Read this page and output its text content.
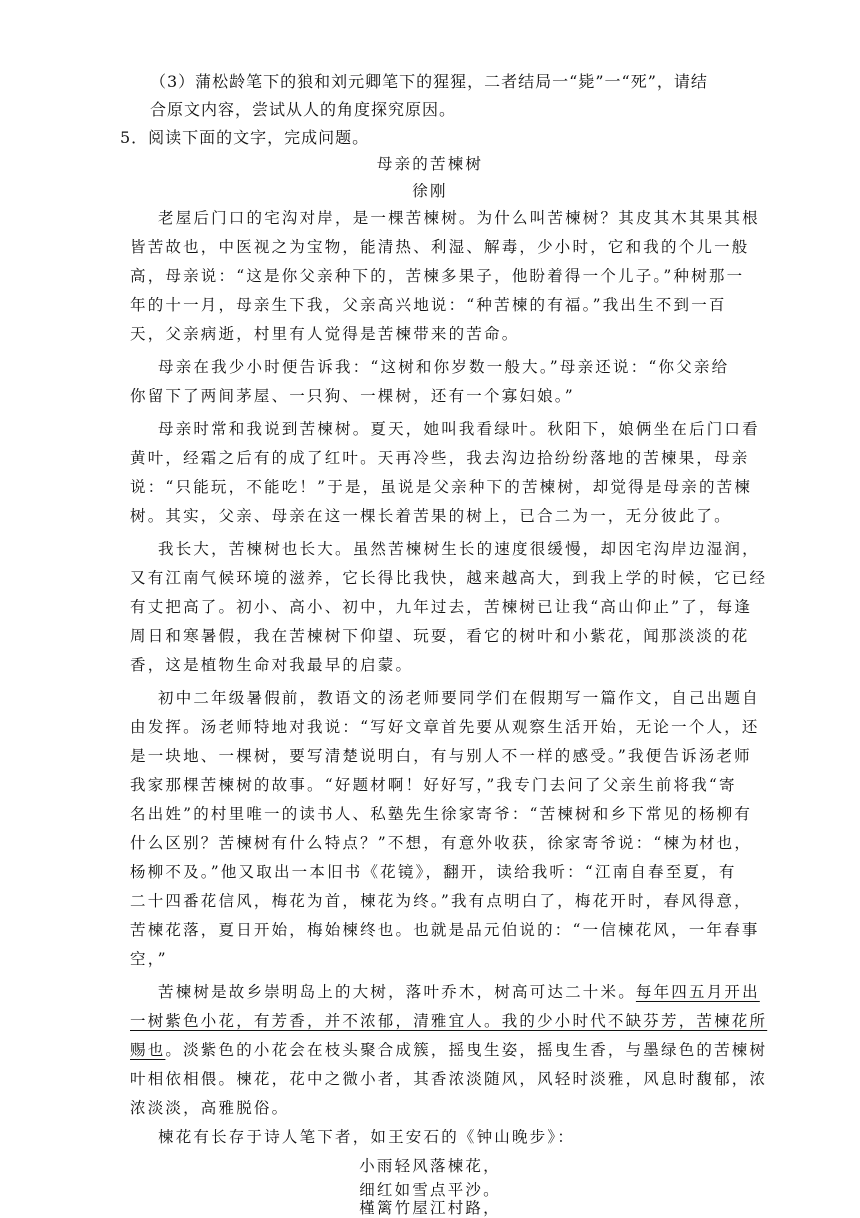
（3）蒲松龄笔下的狼和刘元卿笔下的猩猩，二者结局一“毙”一“死”，请结
合原文内容，尝试从人的角度探究原因。
5．阅读下面的文字，完成问题。
母亲的苦楝树
徐刚
老屋后门口的宅沟对岸，是一棵苦楝树。为什么叫苦楝树？其皮其木其果其根
皆苦故也，中医视之为宝物，能清热、利湿、解毒，少小时，它和我的个儿一般
高，母亲说：“这是你父亲种下的，苦楝多果子，他盼着得一个儿子。”种树那一
年的十一月，母亲生下我，父亲高兴地说：“种苦楝的有福。”我出生不到一百
天，父亲病逝，村里有人觉得是苦楝带来的苦命。
母亲在我少小时便告诉我：“这树和你岁数一般大。”母亲还说：“你父亲给
你留下了两间茅屋、一只狗、一棵树，还有一个寡妇娘。”
母亲时常和我说到苦楝树。夏天，她叫我看绿叶。秋阳下，娘俩坐在后门口看
黄叶，经霜之后有的成了红叶。天再冷些，我去沟边拾纷纷落地的苦楝果，母亲
说：“只能玩，不能吃！”于是，虽说是父亲种下的苦楝树，却觉得是母亲的苦楝
树。其实，父亲、母亲在这一棵长着苦果的树上，已合二为一，无分彼此了。
我长大，苦楝树也长大。虽然苦楝树生长的速度很缓慢，却因宅沟岸边湿润，
又有江南气候环境的滋养，它长得比我快，越来越高大，到我上学的时候，它已经
有丈把高了。初小、高小、初中，九年过去，苦楝树已让我“高山仰止”了，每逢
周日和寒暑假，我在苦楝树下仰望、玩耍，看它的树叶和小紫花，闻那淡淡的花
香，这是植物生命对我最早的启蒙。
初中二年级暑假前，教语文的汤老师要同学们在假期写一篇作文，自己出题自
由发挥。汤老师特地对我说：“写好文章首先要从观察生活开始，无论一个人，还
是一块地、一棵树，要写清楚说明白，有与别人不一样的感受。”我便告诉汤老师
我家那棵苦楝树的故事。“好题材啊！好好写，”我专门去问了父亲生前将我“寄
名出姓”的村里唯一的读书人、私塾先生徐家寄爷：“苦楝树和乡下常见的杨柳有
什么区别？苦楝树有什么特点？”不想，有意外收获，徐家寄爷说：“楝为材也，
杨柳不及。”他又取出一本旧书《花镜》，翻开，读给我听：“江南自春至夏，有
二十四番花信风，梅花为首，楝花为终。”我有点明白了，梅花开时，春风得意，
苦楝花落，夏日开始，梅始楝终也。也就是品元伯说的：“一信楝花风，一年春事
空，”
苦楝树是故乡崇明岛上的大树，落叶乔木，树高可达二十米。每年四五月开出
一树紫色小花，有芳香，并不浓郁，清雅宜人。我的少小时代不缺芬芳，苦楝花所
赐也。淡紫色的小花会在枝头聚合成簇，摇曳生姿，摇曳生香，与墨绿色的苦楝树
叶相依相偎。楝花，花中之微小者，其香浓淡随风，风轻时淡雅，风息时馥郁，浓
浓淡淡，高雅脱俗。
楝花有长存于诗人笔下者，如王安石的《钟山晚步》：
小雨轻风落楝花，
细红如雪点平沙。
槿篱竹屋江村路，
